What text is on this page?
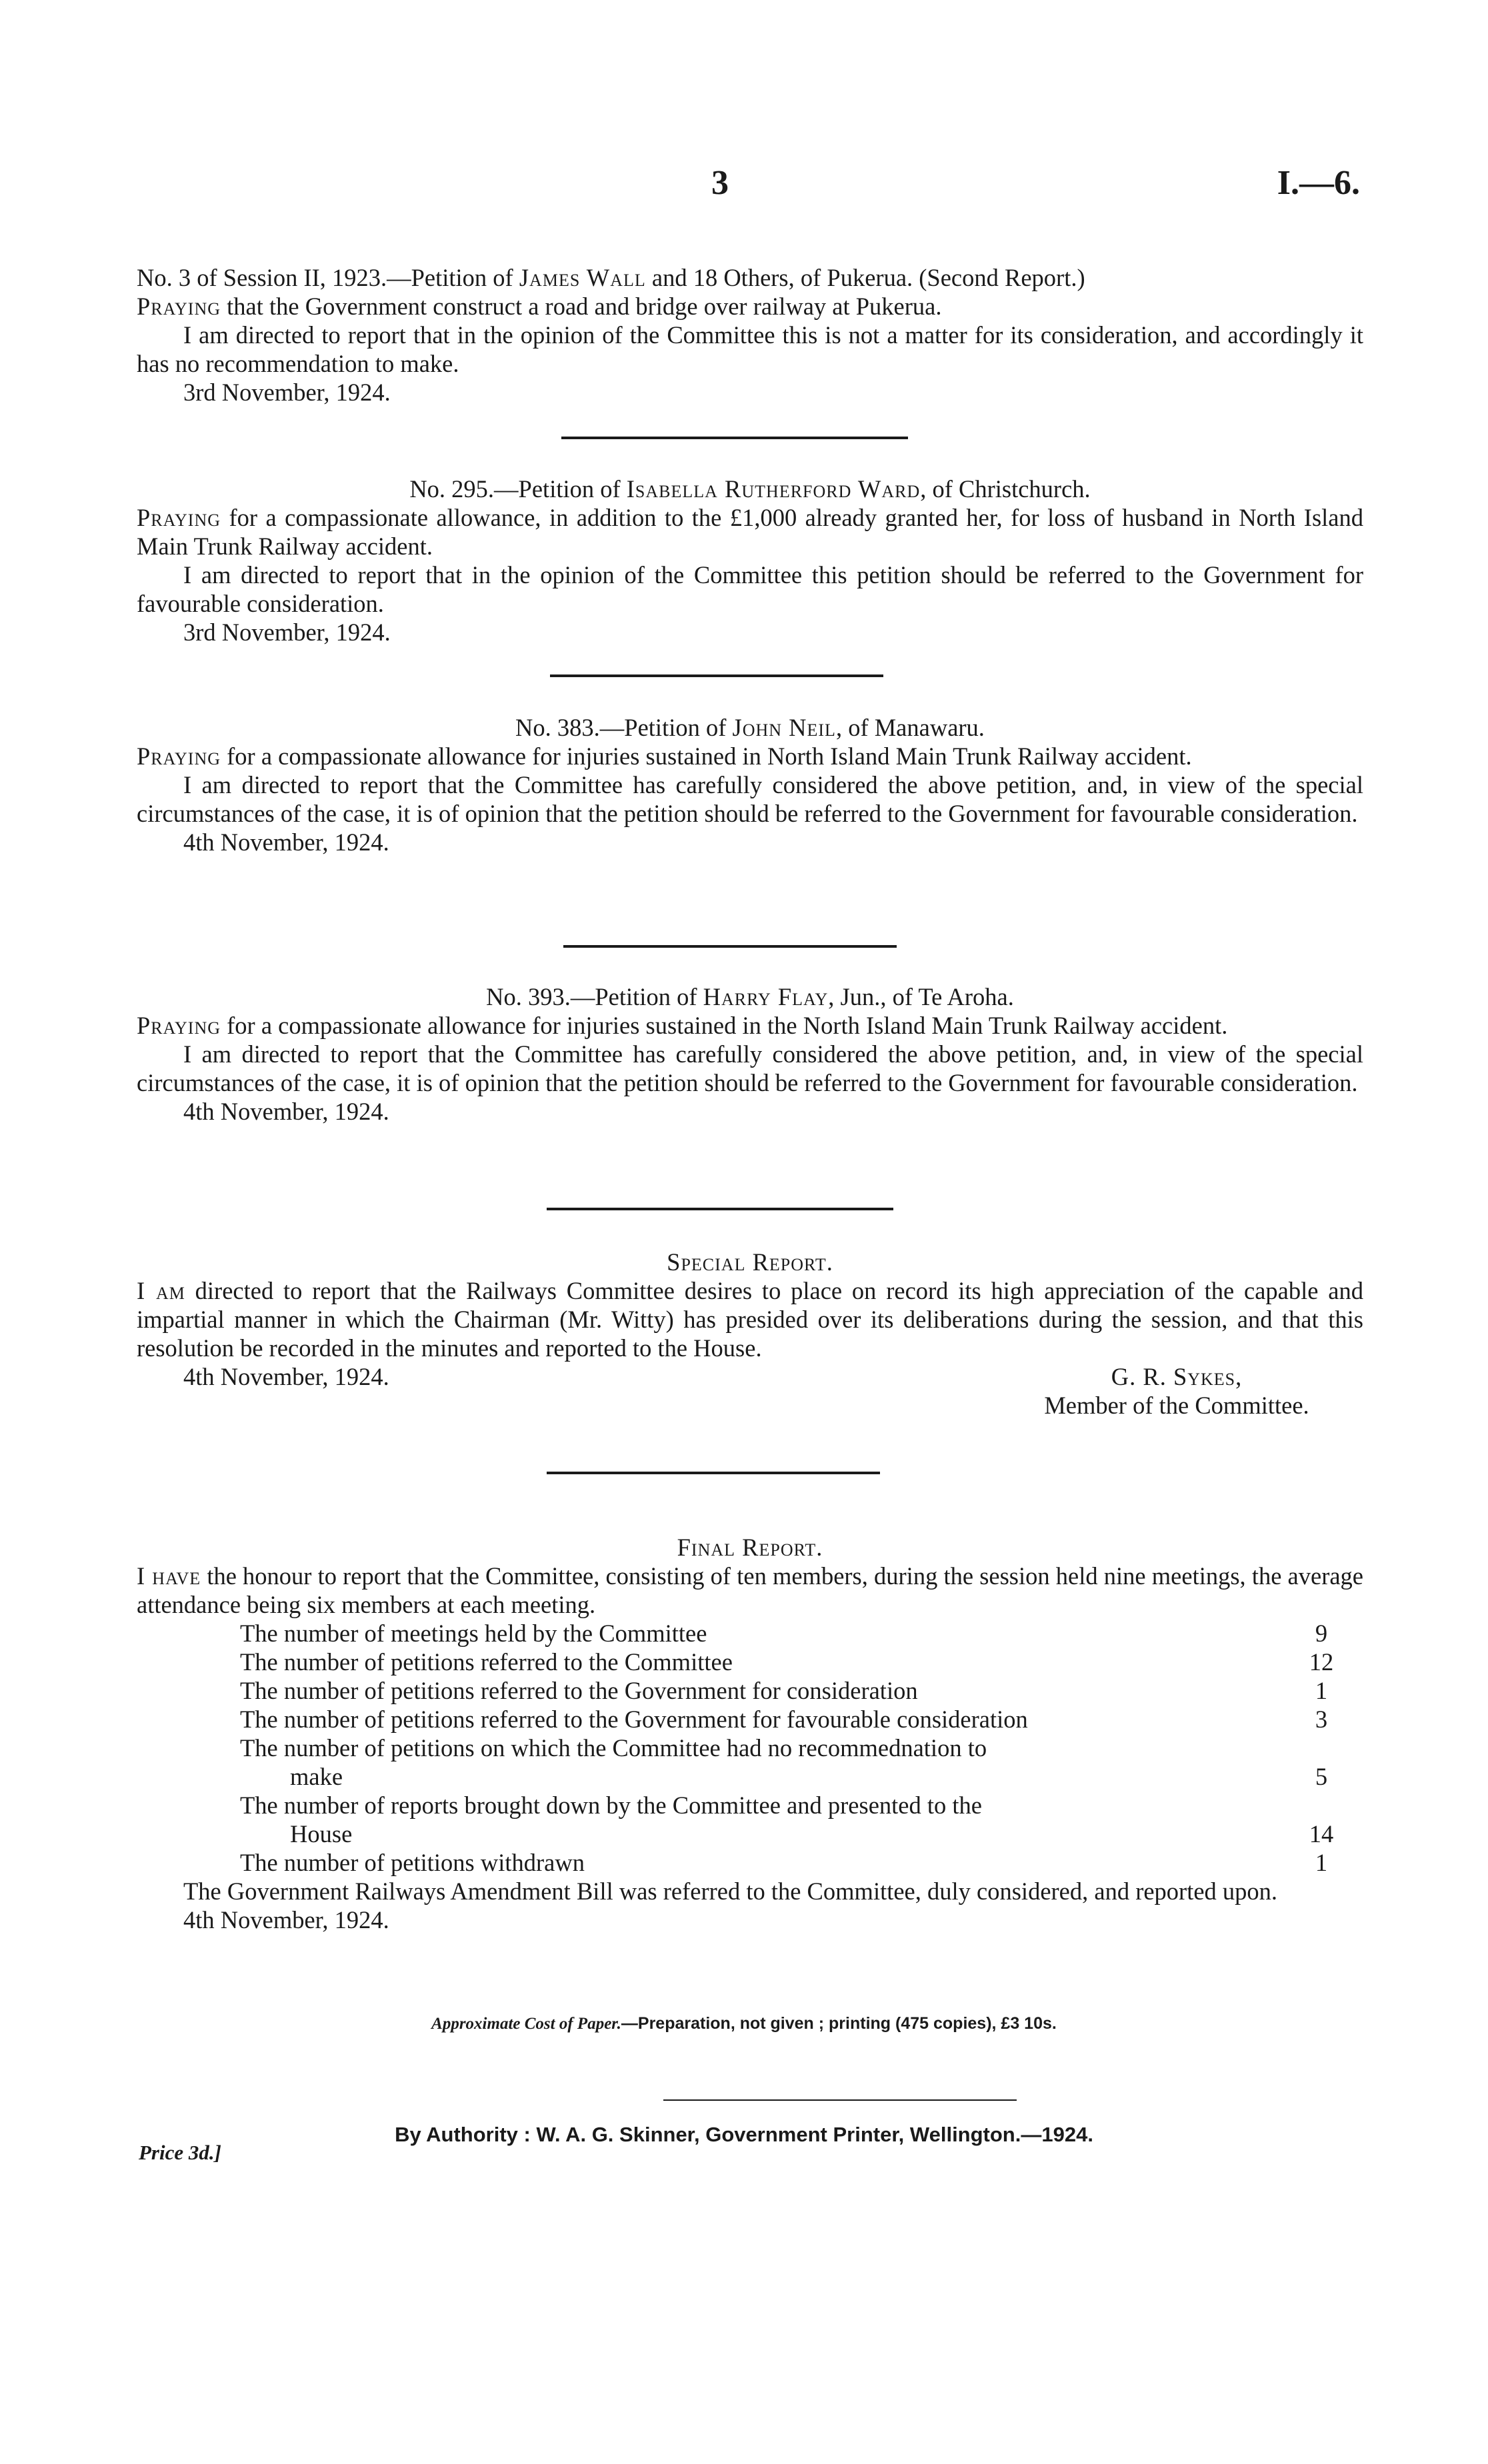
3	I.—6.

No. 3 of Session II, 1923.—Petition of James Wall and 18 Others, of Pukerua. (Second Report.)

Praying that the Government construct a road and bridge over railway at Pukerua.

I am directed to report that in the opinion of the Committee this is not a matter for its consideration, and accordingly it has no recommendation to make.

3rd November, 1924.

No. 295.—Petition of Isabella Rutherford Ward, of Christchurch.

Praying for a compassionate allowance, in addition to the £1,000 already granted her, for loss of husband in North Island Main Trunk Railway accident.

I am directed to report that in the opinion of the Committee this petition should be referred to the Government for favourable consideration.

3rd November, 1924.

No. 383.—Petition of John Neil, of Manawaru.

Praying for a compassionate allowance for injuries sustained in North Island Main Trunk Railway accident.

I am directed to report that the Committee has carefully considered the above petition, and, in view of the special circumstances of the case, it is of opinion that the petition should be referred to the Government for favourable consideration.

4th November, 1924.

No. 393.—Petition of Harry Flay, Jun., of Te Aroha.

Praying for a compassionate allowance for injuries sustained in the North Island Main Trunk Railway accident.

I am directed to report that the Committee has carefully considered the above petition, and, in view of the special circumstances of the case, it is of opinion that the petition should be referred to the Government for favourable consideration.

4th November, 1924.

Special Report.

I am directed to report that the Railways Committee desires to place on record its high appreciation of the capable and impartial manner in which the Chairman (Mr. Witty) has presided over its deliberations during the session, and that this resolution be recorded in the minutes and reported to the House.

4th November, 1924.	G. R. Sykes,
Member of the Committee.

Final Report.

I have the honour to report that the Committee, consisting of ten members, during the session held nine meetings, the average attendance being six members at each meeting.

The number of meetings held by the Committee	9
The number of petitions referred to the Committee	12
The number of petitions referred to the Government for consideration	1
The number of petitions referred to the Government for favourable consideration	3
The number of petitions on which the Committee had no recommednation to
make	5
The number of reports brought down by the Committee and presented to the
House	14
The number of petitions withdrawn	1

The Government Railways Amendment Bill was referred to the Committee, duly considered, and reported upon.

4th November, 1924.

Approximate Cost of Paper.—Preparation, not given ; printing (475 copies), £3 10s.
By Authority : W. A. G. Skinner, Government Printer, Wellington.—1924.
Price 3d.]
